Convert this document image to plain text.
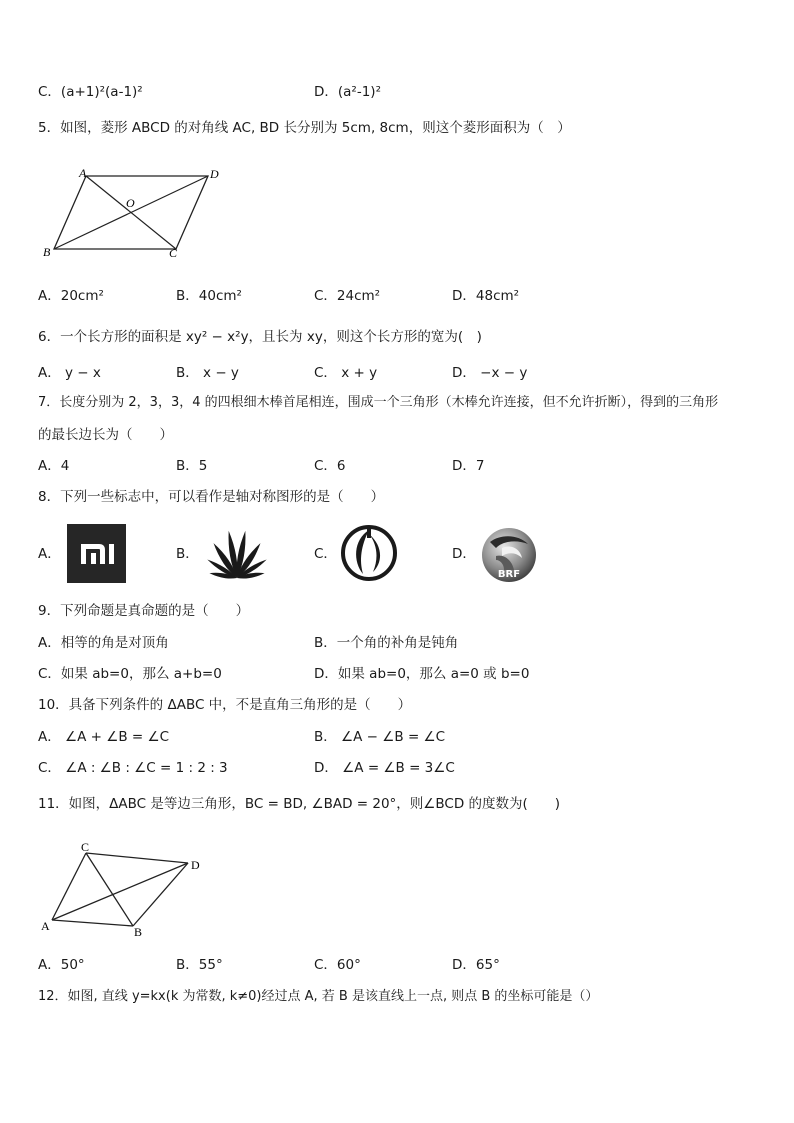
C．(a+1)²(a-1)²	D．(a²-1)²
5．如图，菱形 ABCD 的对角线 AC, BD 长分别为 5cm, 8cm，则这个菱形面积为（　）
A	D
B	C
O
A．20cm²	B．40cm²	C．24cm²	D．48cm²
6．一个长方形的面积是 xy² − x²y，且长为 xy，则这个长方形的宽为(　)
A． y − x	B． x − y	C． x + y	D． −x − y
7．长度分别为 2，3，3，4 的四根细木棒首尾相连，围成一个三角形（木棒允许连接，但不允许折断），得到的三角形
的最长边长为（　　）
A．4	B．5	C．6	D．7
8．下列一些标志中，可以看作是轴对称图形的是（　　）
A．	B．	C．	D．
BRF
9．下列命题是真命题的是（　　）
A．相等的角是对顶角	B．一个角的补角是钝角
C．如果 ab=0，那么 a+b=0	D．如果 ab=0，那么 a=0 或 b=0
10．具备下列条件的 ΔABC 中，不是直角三角形的是（　　）
A． ∠A + ∠B = ∠C	B． ∠A − ∠B = ∠C
C． ∠A : ∠B : ∠C = 1 : 2 : 3	D． ∠A = ∠B = 3∠C
11．如图，ΔABC 是等边三角形，BC = BD, ∠BAD = 20°，则∠BCD 的度数为(　　)
C
D
A	B
A．50°	B．55°	C．60°	D．65°
12．如图, 直线 y=kx(k 为常数, k≠0)经过点 A, 若 B 是该直线上一点, 则点 B 的坐标可能是（）
